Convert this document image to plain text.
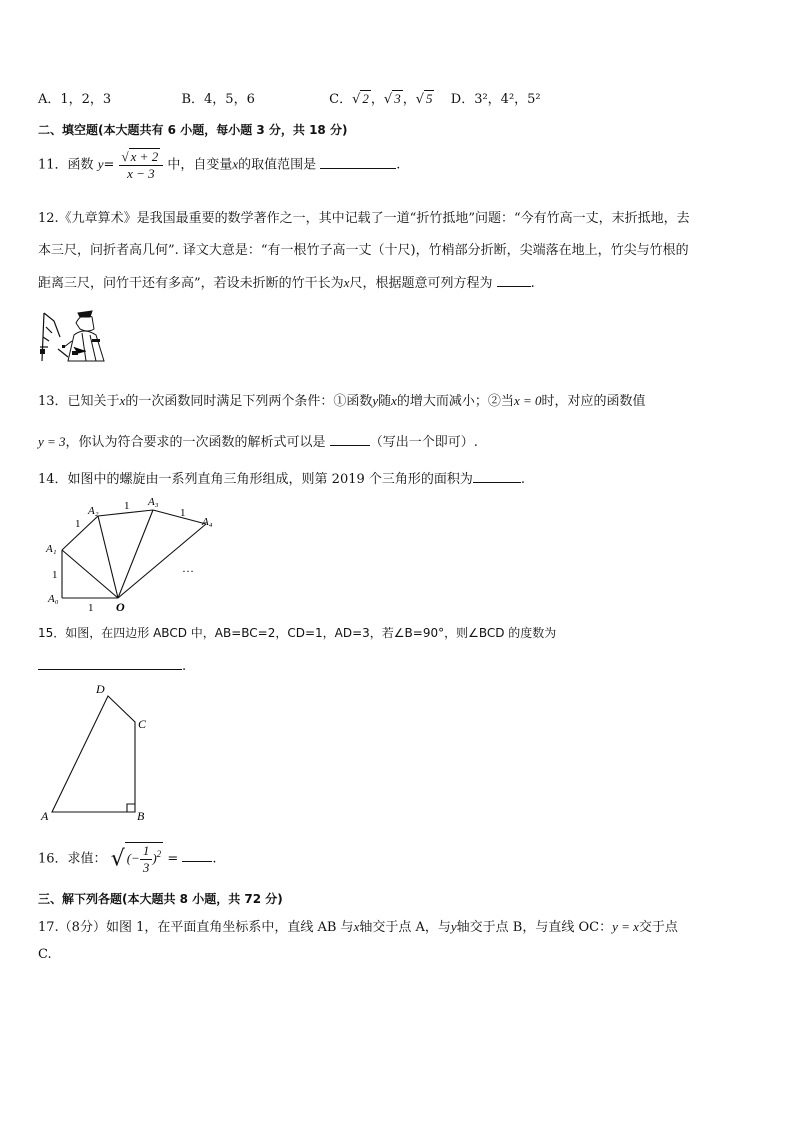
A．1，2，3	B．4，5，6	C．√ 2 ，√ 3 ，√ 5 D．3²，4²，5²
二、填空题(本大题共有 6 小题，每小题 3 分，共 18 分)
11．函数 $y= \frac{√ x + 2}{x - 3}$ 中，自变量x的取值范围是	.
12.《九章算术》是我国最重要的数学著作之一，其中记载了一道“折竹抵地”问题：“今有竹高一丈，末折抵地，去
本三尺，问折者高几何”. 译文大意是：“有一根竹子高一丈（十尺)，竹梢部分折断，尖端落在地上，竹尖与竹根的
距离三尺，问竹干还有多高”，若设未折断的竹干长为x尺，根据题意可列方程为	.
13．已知关于x的一次函数同时满足下列两个条件：①函数y随x的增大而减小；②当x = 0时，对应的函数值
y = 3，你认为符合要求的一次函数的解析式可以是	（写出一个即可）.
14．如图中的螺旋由一系列直角三角形组成，则第 2019 个三角形的面积为	.
A₀
A₁
A₂
A₃
A₄
O
1
1
1
1
1
…
15．如图，在四边形 ABCD 中，AB=BC=2，CD=1，AD=3，若∠B=90°，则∠BCD 的度数为
.
D
C
A	B
16．求值： √ (− $\frac{1}{3} )^2$ =	.
三、解下列各题(本大题共 8 小题，共 72 分)
17.（8分）如图 1，在平面直角坐标系中，直线 AB 与x轴交于点 A，与y轴交于点 B，与直线 OC：y = x交于点
C.
